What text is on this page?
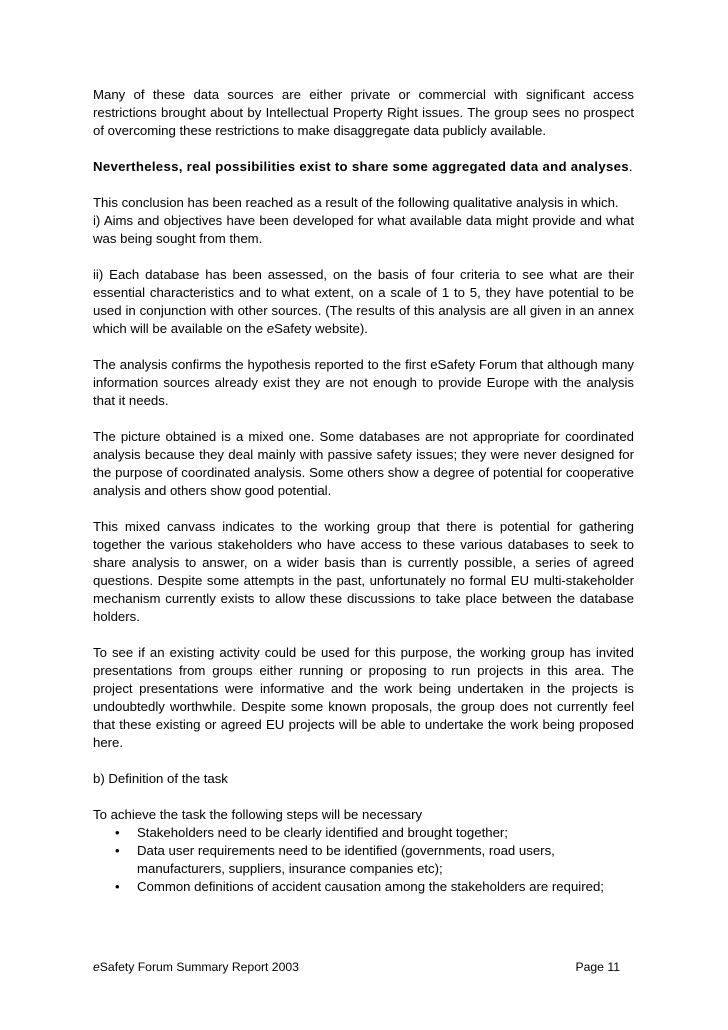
Many of these data sources are either private or commercial with significant access restrictions brought about by Intellectual Property Right issues. The group sees no prospect of overcoming these restrictions to make disaggregate data publicly available.

Nevertheless, real possibilities exist to share some aggregated data and analyses.

This conclusion has been reached as a result of the following qualitative analysis in which.

i) Aims and objectives have been developed for what available data might provide and what was being sought from them.

ii) Each database has been assessed, on the basis of four criteria to see what are their essential characteristics and to what extent, on a scale of 1 to 5, they have potential to be used in conjunction with other sources. (The results of this analysis are all given in an annex which will be available on the eSafety website).

The analysis confirms the hypothesis reported to the first eSafety Forum that although many information sources already exist they are not enough to provide Europe with the analysis that it needs.

The picture obtained is a mixed one. Some databases are not appropriate for coordinated analysis because they deal mainly with passive safety issues; they were never designed for the purpose of coordinated analysis. Some others show a degree of potential for cooperative analysis and others show good potential.

This mixed canvass indicates to the working group that there is potential for gathering together the various stakeholders who have access to these various databases to seek to share analysis to answer, on a wider basis than is currently possible, a series of agreed questions. Despite some attempts in the past, unfortunately no formal EU multi-stakeholder mechanism currently exists to allow these discussions to take place between the database holders.

To see if an existing activity could be used for this purpose, the working group has invited presentations from groups either running or proposing to run projects in this area. The project presentations were informative and the work being undertaken in the projects is undoubtedly worthwhile. Despite some known proposals, the group does not currently feel that these existing or agreed EU projects will be able to undertake the work being proposed here.

b) Definition of the task

To achieve the task the following steps will be necessary

• Stakeholders need to be clearly identified and brought together;
• Data user requirements need to be identified (governments, road users, manufacturers, suppliers, insurance companies etc);
• Common definitions of accident causation among the stakeholders are required;
eSafety Forum Summary Report 2003	Page 11
